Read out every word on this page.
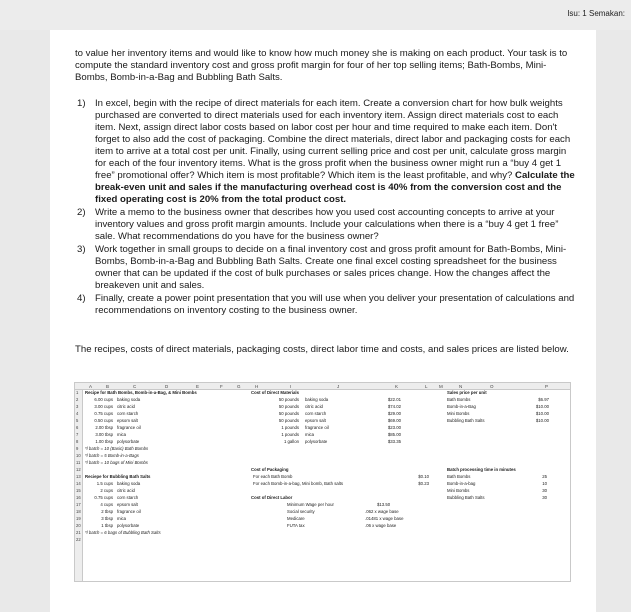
Isu: 1 Semakan:

to value her inventory items and would like to know how much money she is making on each product. Your task is to compute the standard inventory cost and gross profit margin for four of her top selling items; Bath-Bombs, Mini-Bombs, Bomb-in-a-Bag and Bubbling Bath Salts.

1) In excel, begin with the recipe of direct materials for each item. Create a conversion chart for how bulk weights purchased are converted to direct materials used for each inventory item. Assign direct materials cost to each item. Next, assign direct labor costs based on labor cost per hour and time required to make each item. Don't forget to also add the cost of packaging. Combine the direct materials, direct labor and packaging costs for each item to arrive at a total cost per unit. Finally, using current selling price and cost per unit, calculate gross margin for each of the four inventory items. What is the gross profit when the business owner might run a “buy 4 get 1 free” promotional offer? Which item is most profitable? Which item is the least profitable, and why? Calculate the break-even unit and sales if the manufacturing overhead cost is 40% from the conversion cost and the fixed operating cost is 20% from the total product cost.
2) Write a memo to the business owner that describes how you used cost accounting concepts to arrive at your inventory values and gross profit margin amounts. Include your calculations when there is a “buy 4 get 1 free” sale. What recommendations do you have for the business owner?
3) Work together in small groups to decide on a final inventory cost and gross profit amount for Bath-Bombs, Mini-Bombs, Bomb-in-a-Bag and Bubbling Bath Salts. Create one final excel costing spreadsheet for the business owner that can be updated if the cost of bulk purchases or sales prices change. How the changes affect the breakeven unit and sales.
4) Finally, create a power point presentation that you will use when you deliver your presentation of calculations and recommendations on inventory costing to the business owner.

The recipes, costs of direct materials, packaging costs, direct labor time and costs, and sales prices are listed below.

A	B	C	D	E	F	G	H	I	J	K	L	M	N	O	P
1
2
3
4
5
6
7
8
9
10
11
12
13
14
15
16
17
18
19
20
21
22
Recipe for Bath Bombs, Bomb-in-a-Bag, & Mini Bombs
6.00 cups baking soda
3.00 cups citric acid
0.75 cups corn starch
0.50 cups epsom salt
2.00 tbsp fragrance oil
3.00 tbsp mica
1.00 tbsp polysorbate
*l batch = 10 (Basic) Bath Bombs
*l batch = 5 Bomb-in-a-Bags
*l batch = 10 bags of Mini Bombs
Reciepe for Bubbling Bath Salts
1.5 cups baking soda
2 cups citric acid
0.75 cups corn starch
4 cups epsom salt
2 tbsp fragrance oil
3 tbsp mica
1 tbsp polysorbate
*l batch = 6 bags of Bubbling Bath Salts
Cost of Direct Materials
50 pounds baking soda	$22.01
50 pounds citric acid	$74.02
50 pounds corn starch	$29.00
50 pounds epsom salt	$69.00
1 pounds fragrance oil	$23.00
1 pounds mica	$85.00
1 gallon polysorbate	$33.35
Cost of Packaging
For each Bath Bomb	$0.10
For each Bomb-in-a-bag, Mini bomb, Bath salts	$0.23
Cost of Direct Labor
Minimum Wage per hour	$13.50
Social security	.062 x wage base
Medicare	.01481 x wage base
FUTA tax	.06 x wage base
Sales price per unit
Bath Bombs	$6.97
Bomb-in-a-Bag	$10.00
Mini Bombs	$10.00
Bubbling Bath Salts	$10.00
Batch processing time in minutes
Bath Bombs	25
Bomb-in-a-bag	10
Mini Bombs	30
Bubbling Bath Salts	30
